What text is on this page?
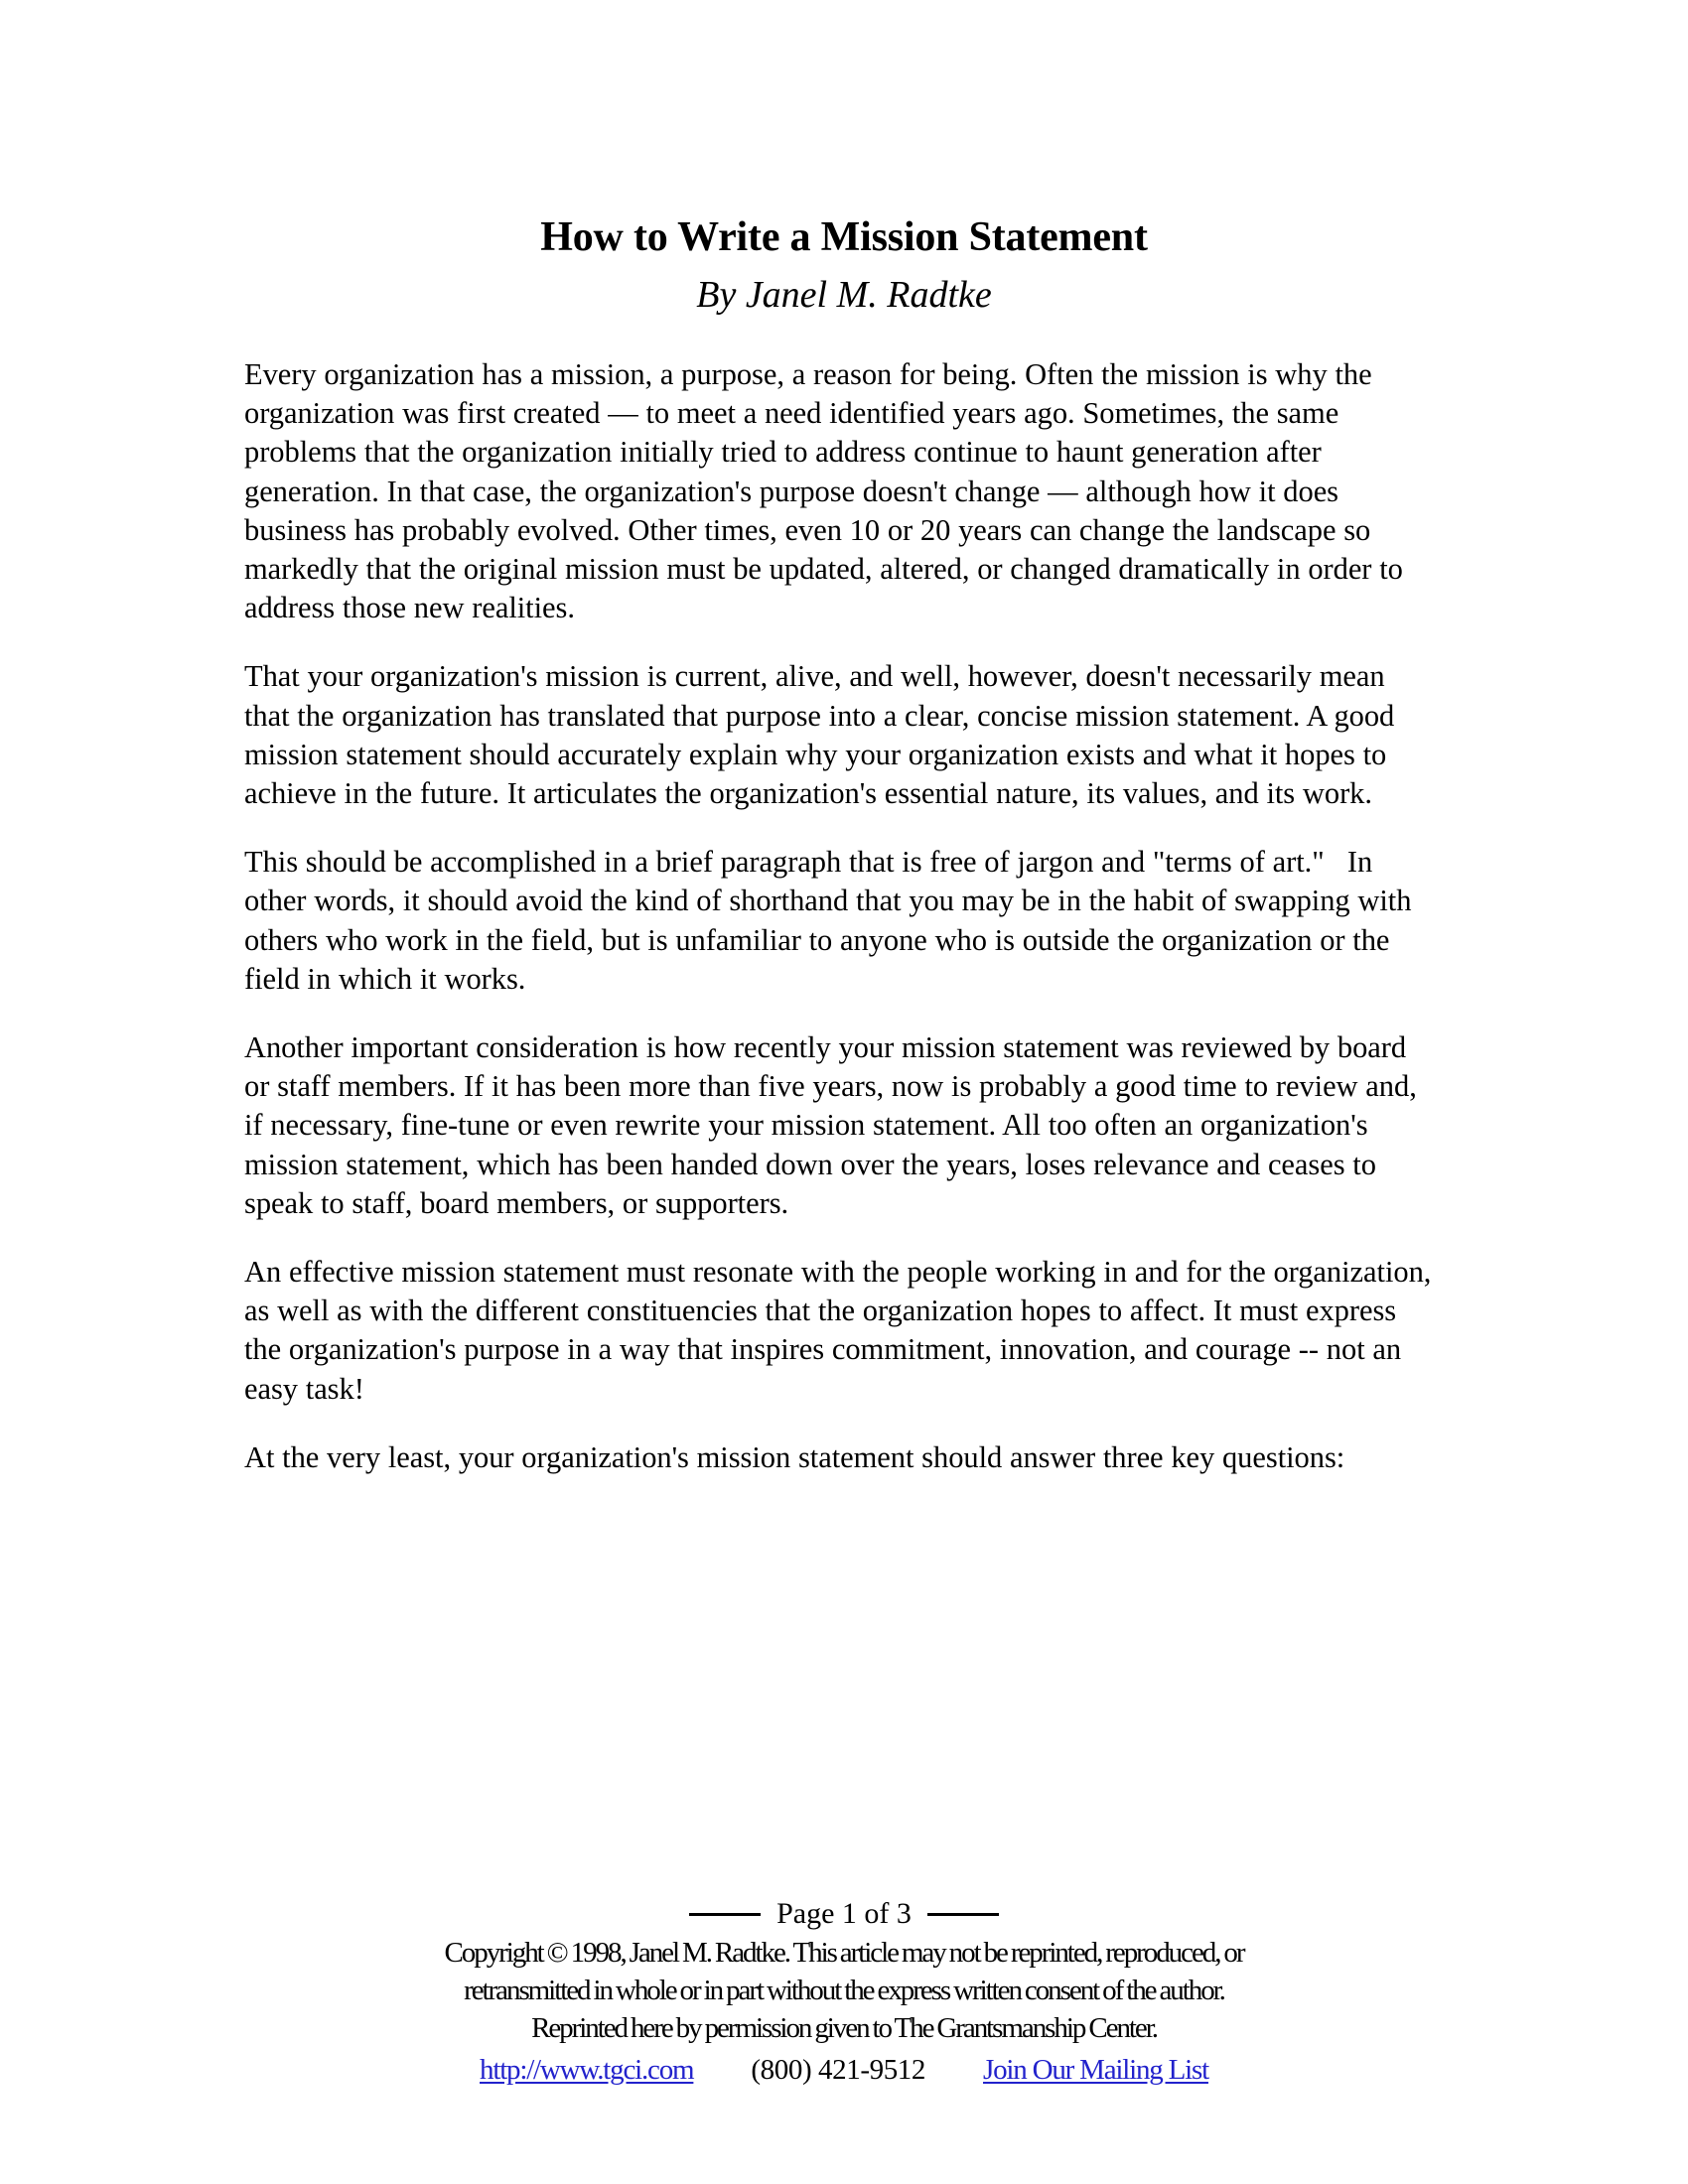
How to Write a Mission Statement
By Janel M. Radtke

Every organization has a mission, a purpose, a reason for being. Often the mission is why the organization was first created — to meet a need identified years ago. Sometimes, the same problems that the organization initially tried to address continue to haunt generation after generation. In that case, the organization's purpose doesn't change — although how it does business has probably evolved. Other times, even 10 or 20 years can change the landscape so markedly that the original mission must be updated, altered, or changed dramatically in order to address those new realities.

That your organization's mission is current, alive, and well, however, doesn't necessarily mean that the organization has translated that purpose into a clear, concise mission statement. A good mission statement should accurately explain why your organization exists and what it hopes to achieve in the future. It articulates the organization's essential nature, its values, and its work.

This should be accomplished in a brief paragraph that is free of jargon and "terms of art."   In other words, it should avoid the kind of shorthand that you may be in the habit of swapping with others who work in the field, but is unfamiliar to anyone who is outside the organization or the field in which it works.

Another important consideration is how recently your mission statement was reviewed by board or staff members. If it has been more than five years, now is probably a good time to review and, if necessary, fine-tune or even rewrite your mission statement. All too often an organization's mission statement, which has been handed down over the years, loses relevance and ceases to speak to staff, board members, or supporters.

An effective mission statement must resonate with the people working in and for the organization, as well as with the different constituencies that the organization hopes to affect. It must express the organization's purpose in a way that inspires commitment, innovation, and courage -- not an easy task!

At the very least, your organization's mission statement should answer three key questions:

Page 1 of 3
Copyright © 1998, Janel M. Radtke. This article may not be reprinted, reproduced, or
retransmitted in whole or in part without the express written consent of the author.
Reprinted here by permission given to The Grantsmanship Center.
http://www.tgci.com (800) 421-9512 Join Our Mailing List
